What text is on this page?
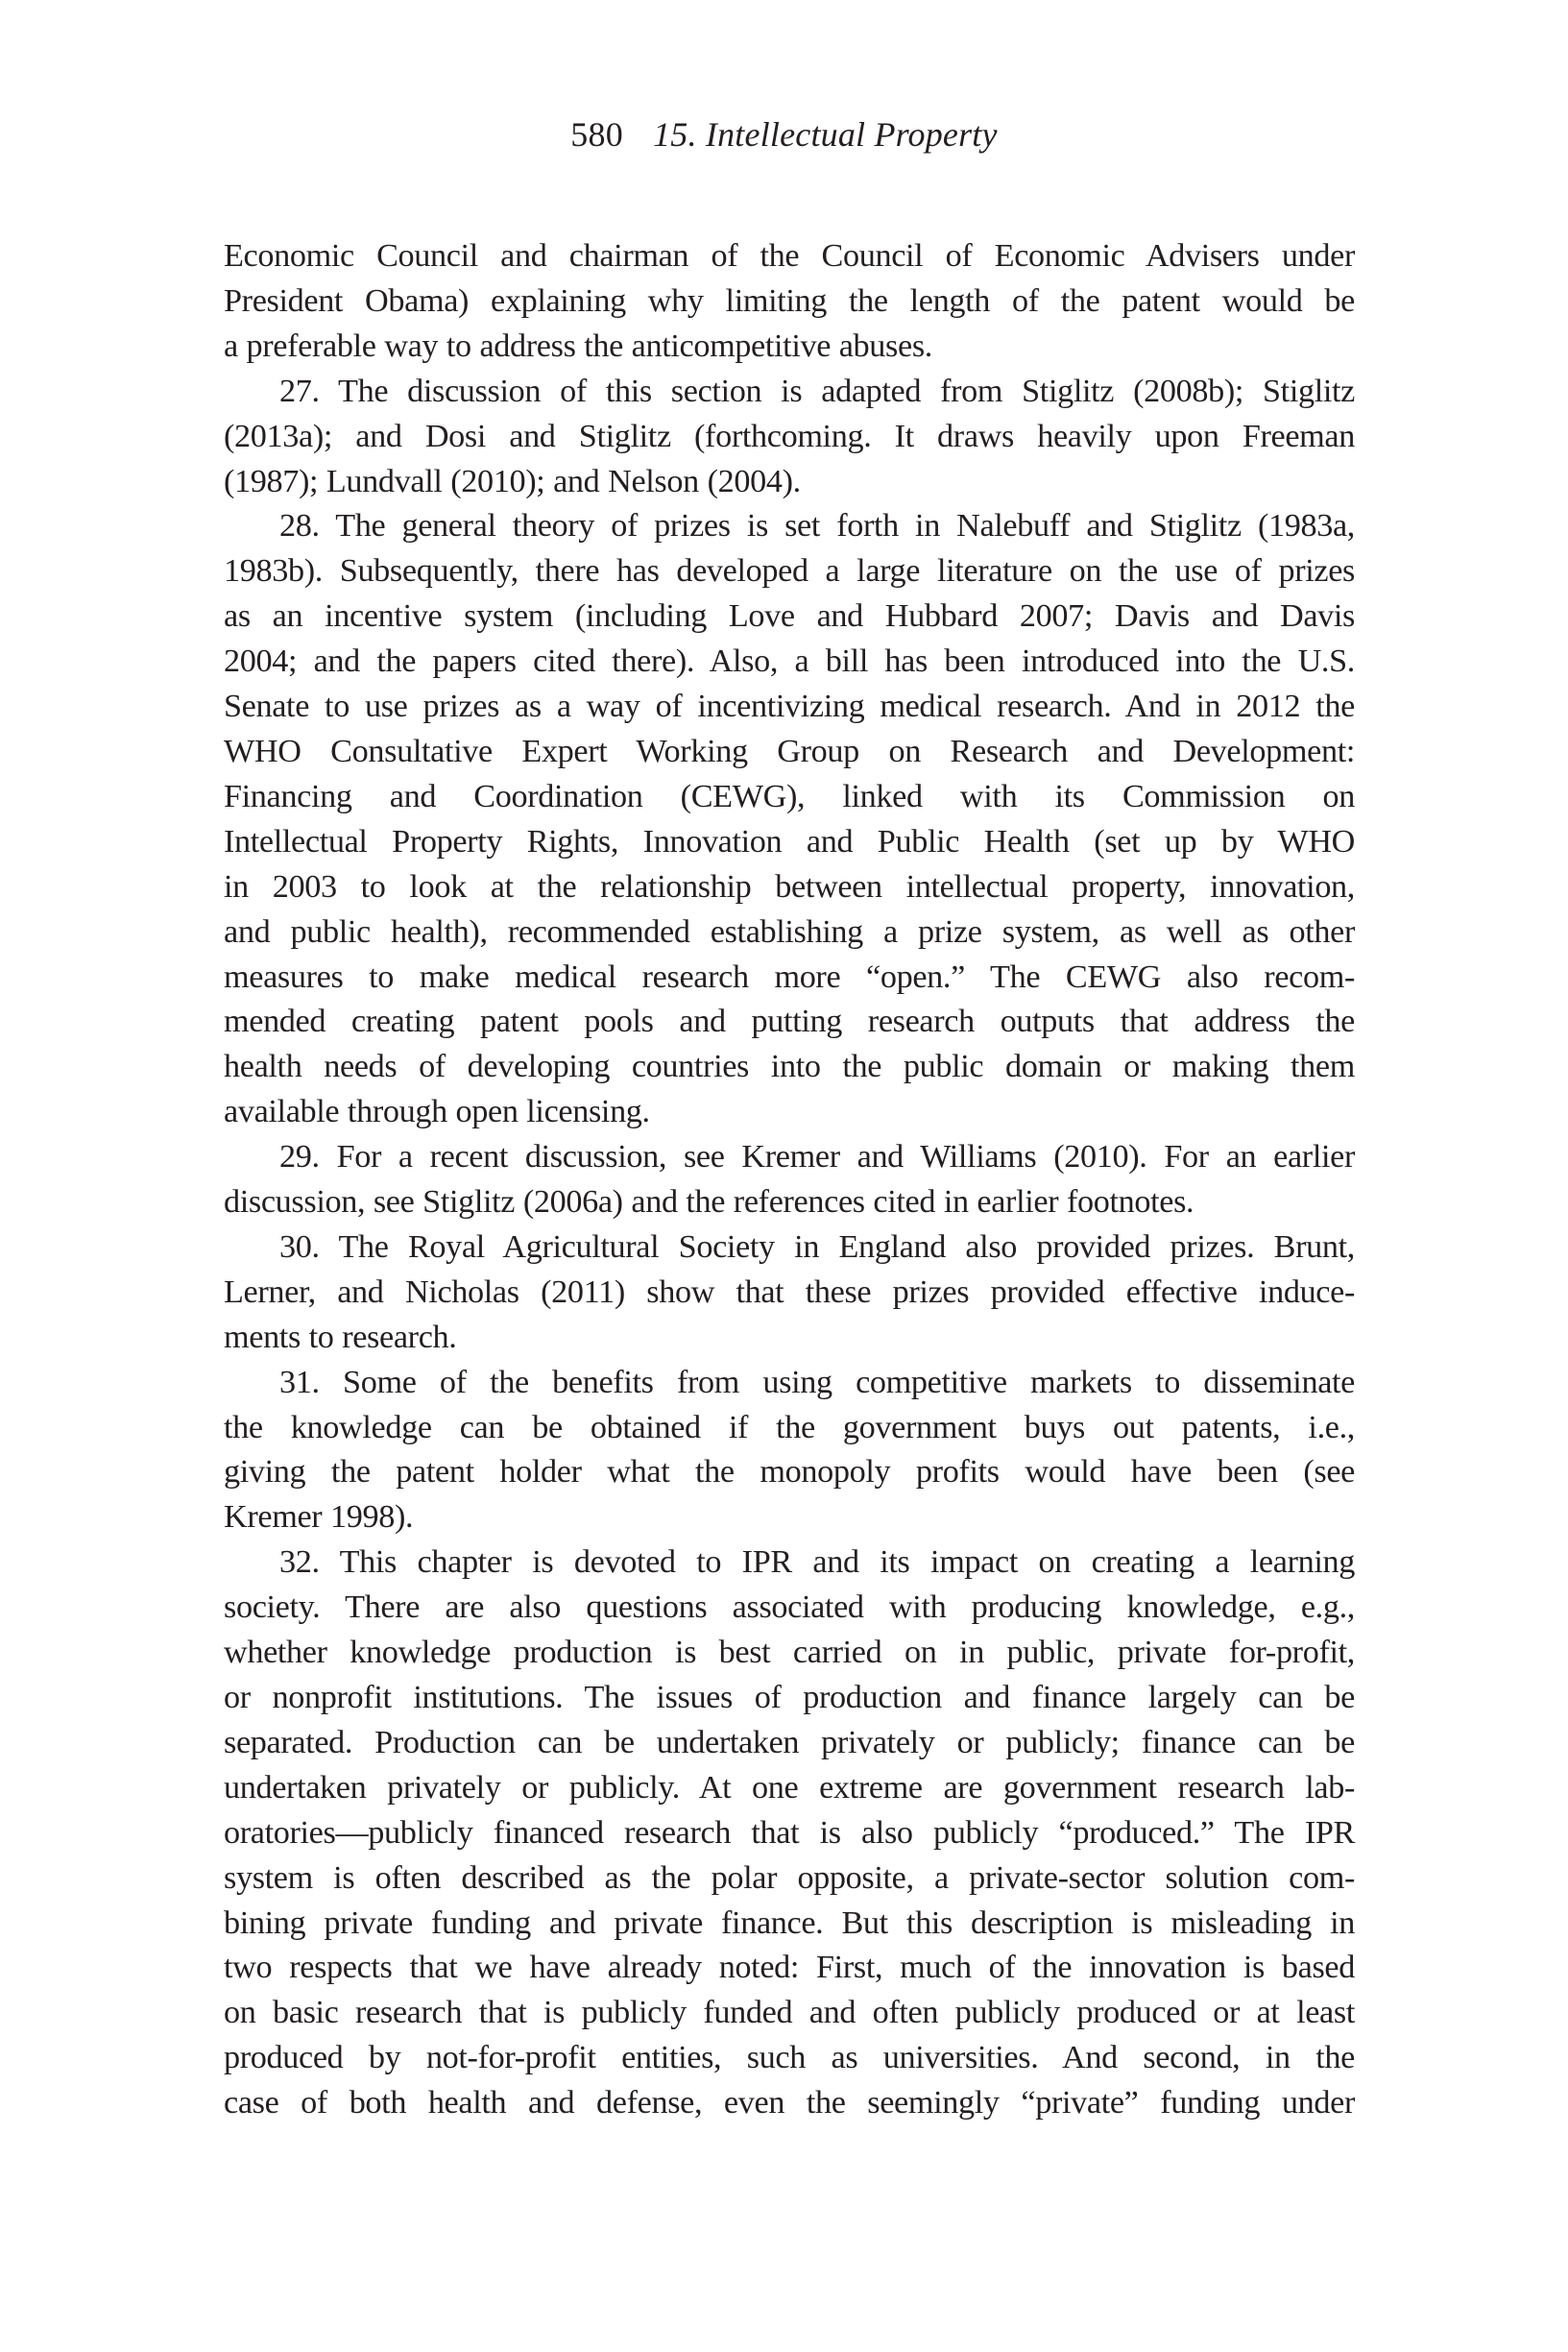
580 15. Intellectual Property

Economic Council and chairman of the Council of Economic Advisers under
President Obama) explaining why limiting the length of the patent would be
a preferable way to address the anticompetitive abuses.

27. The discussion of this section is adapted from Stiglitz (2008b); Stiglitz
(2013a); and Dosi and Stiglitz (forthcoming. It draws heavily upon Freeman
(1987); Lundvall (2010); and Nelson (2004).

28. The general theory of prizes is set forth in Nalebuff and Stiglitz (1983a,
1983b). Subsequently, there has developed a large literature on the use of prizes
as an incentive system (including Love and Hubbard 2007; Davis and Davis
2004; and the papers cited there). Also, a bill has been introduced into the U.S.
Senate to use prizes as a way of incentivizing medical research. And in 2012 the
WHO Consultative Expert Working Group on Research and Development:
Financing and Coordination (CEWG), linked with its Commission on
Intellectual Property Rights, Innovation and Public Health (set up by WHO
in 2003 to look at the relationship between intellectual property, innovation,
and public health), recommended establishing a prize system, as well as other
measures to make medical research more “open.” The CEWG also recom-
mended creating patent pools and putting research outputs that address the
health needs of developing countries into the public domain or making them
available through open licensing.

29. For a recent discussion, see Kremer and Williams (2010). For an earlier
discussion, see Stiglitz (2006a) and the references cited in earlier footnotes.

30. The Royal Agricultural Society in England also provided prizes. Brunt,
Lerner, and Nicholas (2011) show that these prizes provided effective induce-
ments to research.

31. Some of the benefits from using competitive markets to disseminate
the knowledge can be obtained if the government buys out patents, i.e.,
giving the patent holder what the monopoly profits would have been (see
Kremer 1998).

32. This chapter is devoted to IPR and its impact on creating a learning
society. There are also questions associated with producing knowledge, e.g.,
whether knowledge production is best carried on in public, private for-profit,
or nonprofit institutions. The issues of production and finance largely can be
separated. Production can be undertaken privately or publicly; finance can be
undertaken privately or publicly. At one extreme are government research lab-
oratories—publicly financed research that is also publicly “produced.” The IPR
system is often described as the polar opposite, a private-sector solution com-
bining private funding and private finance. But this description is misleading in
two respects that we have already noted: First, much of the innovation is based
on basic research that is publicly funded and often publicly produced or at least
produced by not-for-profit entities, such as universities. And second, in the
case of both health and defense, even the seemingly “private” funding under
